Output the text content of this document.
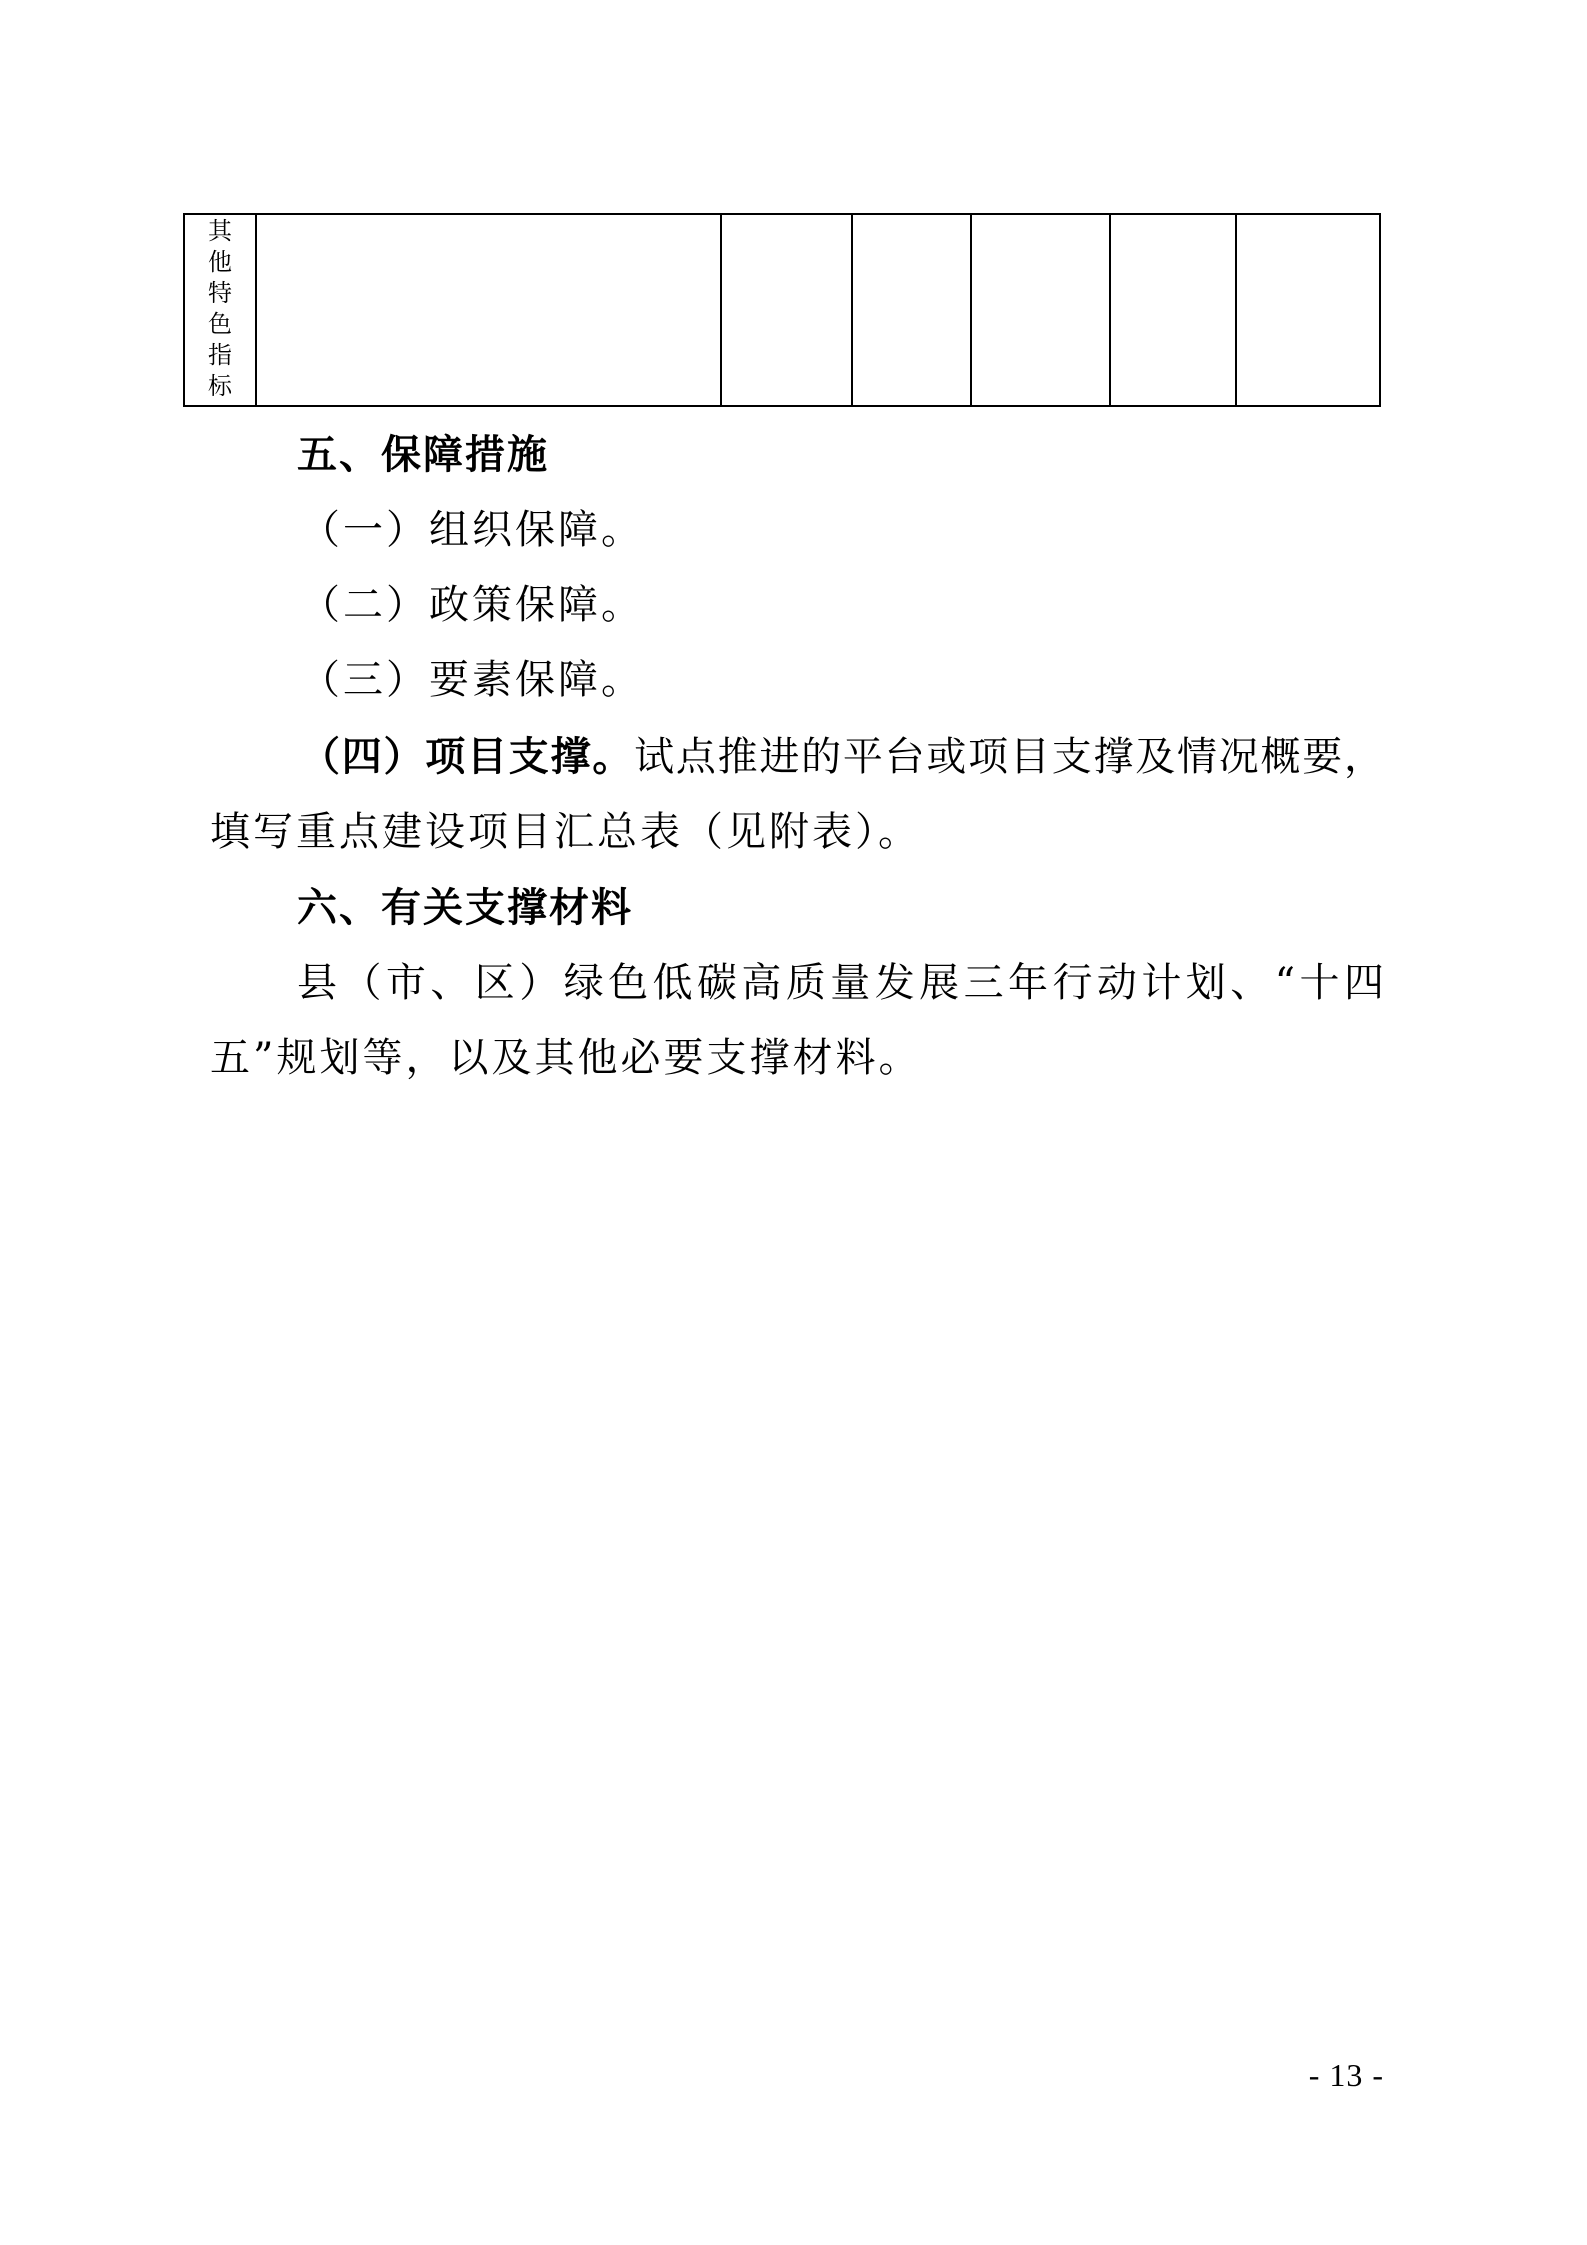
其他特色指标

五、保障措施
（一）组织保障。
（二）政策保障。
（三）要素保障。
（四）项目支撑。试点推进的平台或项目支撑及情况概要，
填写重点建设项目汇总表（见附表）。
六、有关支撑材料
县（市、区）绿色低碳高质量发展三年行动计划、“十四
五”规划等，以及其他必要支撑材料。
- 13 -
